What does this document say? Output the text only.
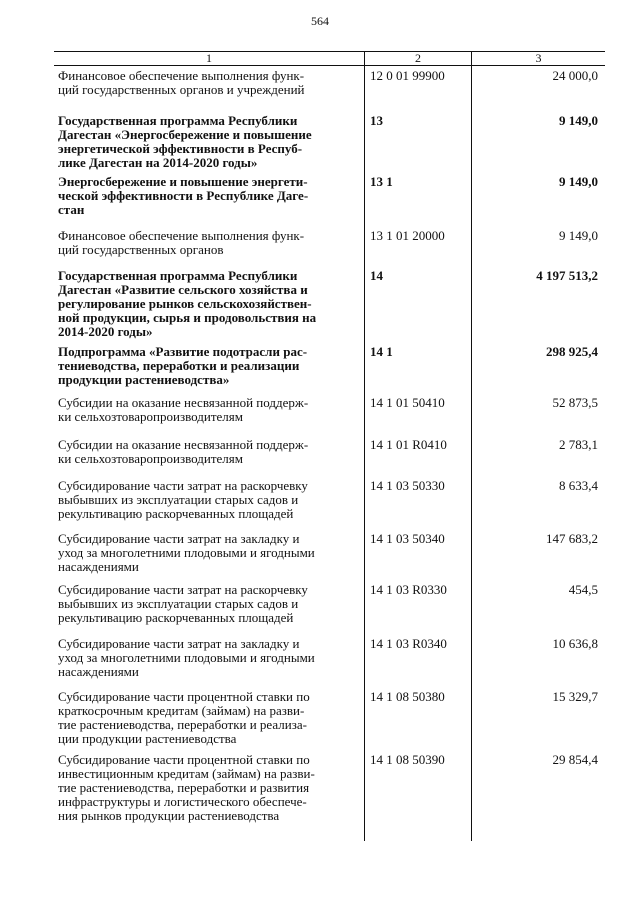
564
1	2	3
Финансовое обеспечение выполнения функ-
ций государственных органов и учреждений
12 0 01 99900	24 000,0
Государственная программа Республики
Дагестан «Энергосбережение и повышение
энергетической эффективности в Респуб-
лике Дагестан на 2014-2020 годы»
13	9 149,0
Энергосбережение и повышение энергети-
ческой эффективности в Республике Даге-
стан
13 1	9 149,0
Финансовое обеспечение выполнения функ-
ций государственных органов
13 1 01 20000	9 149,0
Государственная программа Республики
Дагестан «Развитие сельского хозяйства и
регулирование рынков сельскохозяйствен-
ной продукции, сырья и продовольствия на
2014-2020 годы»
14	4 197 513,2
Подпрограмма «Развитие подотрасли рас-
тениеводства, переработки и реализации
продукции растениеводства»
14 1	298 925,4
Субсидии на оказание несвязанной поддерж-
ки сельхозтоваропроизводителям
14 1 01 50410	52 873,5
Субсидии на оказание несвязанной поддерж-
ки сельхозтоваропроизводителям
14 1 01 R0410	2 783,1
Субсидирование части затрат на раскорчевку
выбывших из эксплуатации старых садов и
рекультивацию раскорчеванных площадей
14 1 03 50330	8 633,4
Субсидирование части затрат на закладку и
уход за многолетними плодовыми и ягодными
насаждениями
14 1 03 50340	147 683,2
Субсидирование части затрат на раскорчевку
выбывших из эксплуатации старых садов и
рекультивацию раскорчеванных площадей
14 1 03 R0330	454,5
Субсидирование части затрат на закладку и
уход за многолетними плодовыми и ягодными
насаждениями
14 1 03 R0340	10 636,8
Субсидирование части процентной ставки по
краткосрочным кредитам (займам) на разви-
тие растениеводства, переработки и реализа-
ции продукции растениеводства
14 1 08 50380	15 329,7
Субсидирование части процентной ставки по
инвестиционным кредитам (займам) на разви-
тие растениеводства, переработки и развития
инфраструктуры и логистического обеспече-
ния рынков продукции растениеводства
14 1 08 50390	29 854,4
